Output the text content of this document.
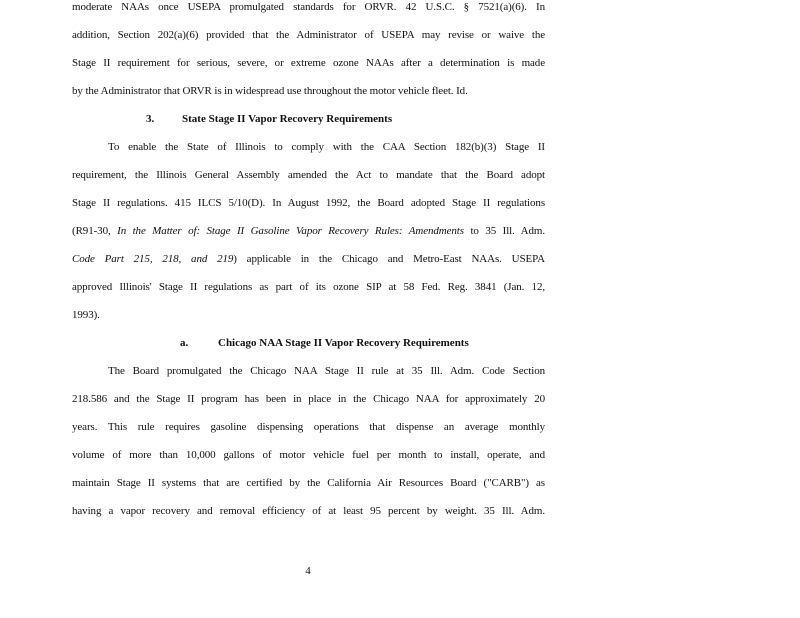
moderate NAAs once USEPA promulgated standards for ORVR. 42 U.S.C. § 7521(a)(6). In
addition, Section 202(a)(6) provided that the Administrator of USEPA may revise or waive the
Stage II requirement for serious, severe, or extreme ozone NAAs after a determination is made
by the Administrator that ORVR is in widespread use throughout the motor vehicle fleet. Id.
3.	State Stage II Vapor Recovery Requirements
To enable the State of Illinois to comply with the CAA Section 182(b)(3) Stage II
requirement, the Illinois General Assembly amended the Act to mandate that the Board adopt
Stage II regulations. 415 ILCS 5/10(D). In August 1992, the Board adopted Stage II regulations
(R91-30, In the Matter of: Stage II Gasoline Vapor Recovery Rules: Amendments to 35 Ill. Adm.
Code Part 215, 218, and 219) applicable in the Chicago and Metro-East NAAs. USEPA
approved Illinois' Stage II regulations as part of its ozone SIP at 58 Fed. Reg. 3841 (Jan. 12,
1993).
a.	Chicago NAA Stage II Vapor Recovery Requirements
The Board promulgated the Chicago NAA Stage II rule at 35 Ill. Adm. Code Section
218.586 and the Stage II program has been in place in the Chicago NAA for approximately 20
years. This rule requires gasoline dispensing operations that dispense an average monthly
volume of more than 10,000 gallons of motor vehicle fuel per month to install, operate, and
maintain Stage II systems that are certified by the California Air Resources Board ("CARB") as
having a vapor recovery and removal efficiency of at least 95 percent by weight. 35 Ill. Adm.
4
